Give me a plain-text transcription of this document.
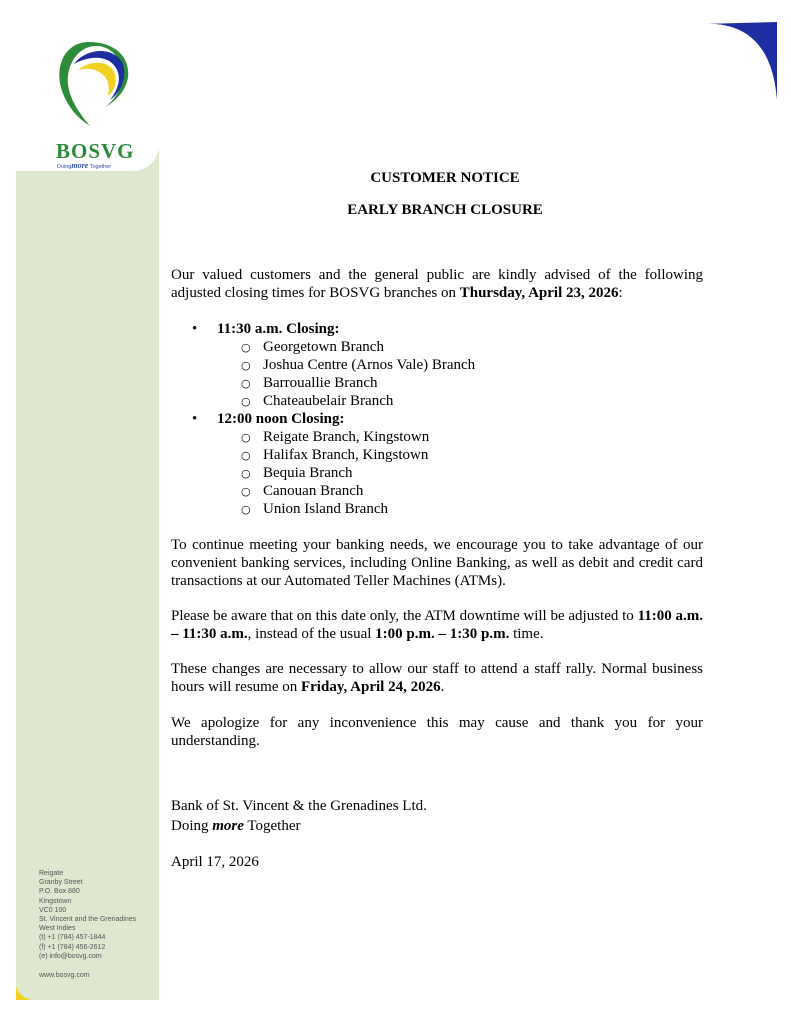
BOSVG
Doingmore Together
CUSTOMER NOTICE
EARLY BRANCH CLOSURE
Our valued customers and the general public are kindly advised of the following adjusted closing times for BOSVG branches on Thursday, April 23, 2026:
• 11:30 a.m. Closing:
○ Georgetown Branch
○ Joshua Centre (Arnos Vale) Branch
○ Barrouallie Branch
○ Chateaubelair Branch
• 12:00 noon Closing:
○ Reigate Branch, Kingstown
○ Halifax Branch, Kingstown
○ Bequia Branch
○ Canouan Branch
○ Union Island Branch
To continue meeting your banking needs, we encourage you to take advantage of our convenient banking services, including Online Banking, as well as debit and credit card transactions at our Automated Teller Machines (ATMs).
Please be aware that on this date only, the ATM downtime will be adjusted to 11:00 a.m. – 11:30 a.m., instead of the usual 1:00 p.m. – 1:30 p.m. time.
These changes are necessary to allow our staff to attend a staff rally. Normal business hours will resume on Friday, April 24, 2026.
We apologize for any inconvenience this may cause and thank you for your understanding.
Bank of St. Vincent & the Grenadines Ltd.
Doing more Together
April 17, 2026
Reigate
Granby Street
P.O. Box 880
Kingstown
VC0 100
St. Vincent and the Grenadines
West Indies
(t) +1 (784) 457-1844
(f) +1 (784) 456-2612
(e) info@bosvg.com
www.bosvg.com
